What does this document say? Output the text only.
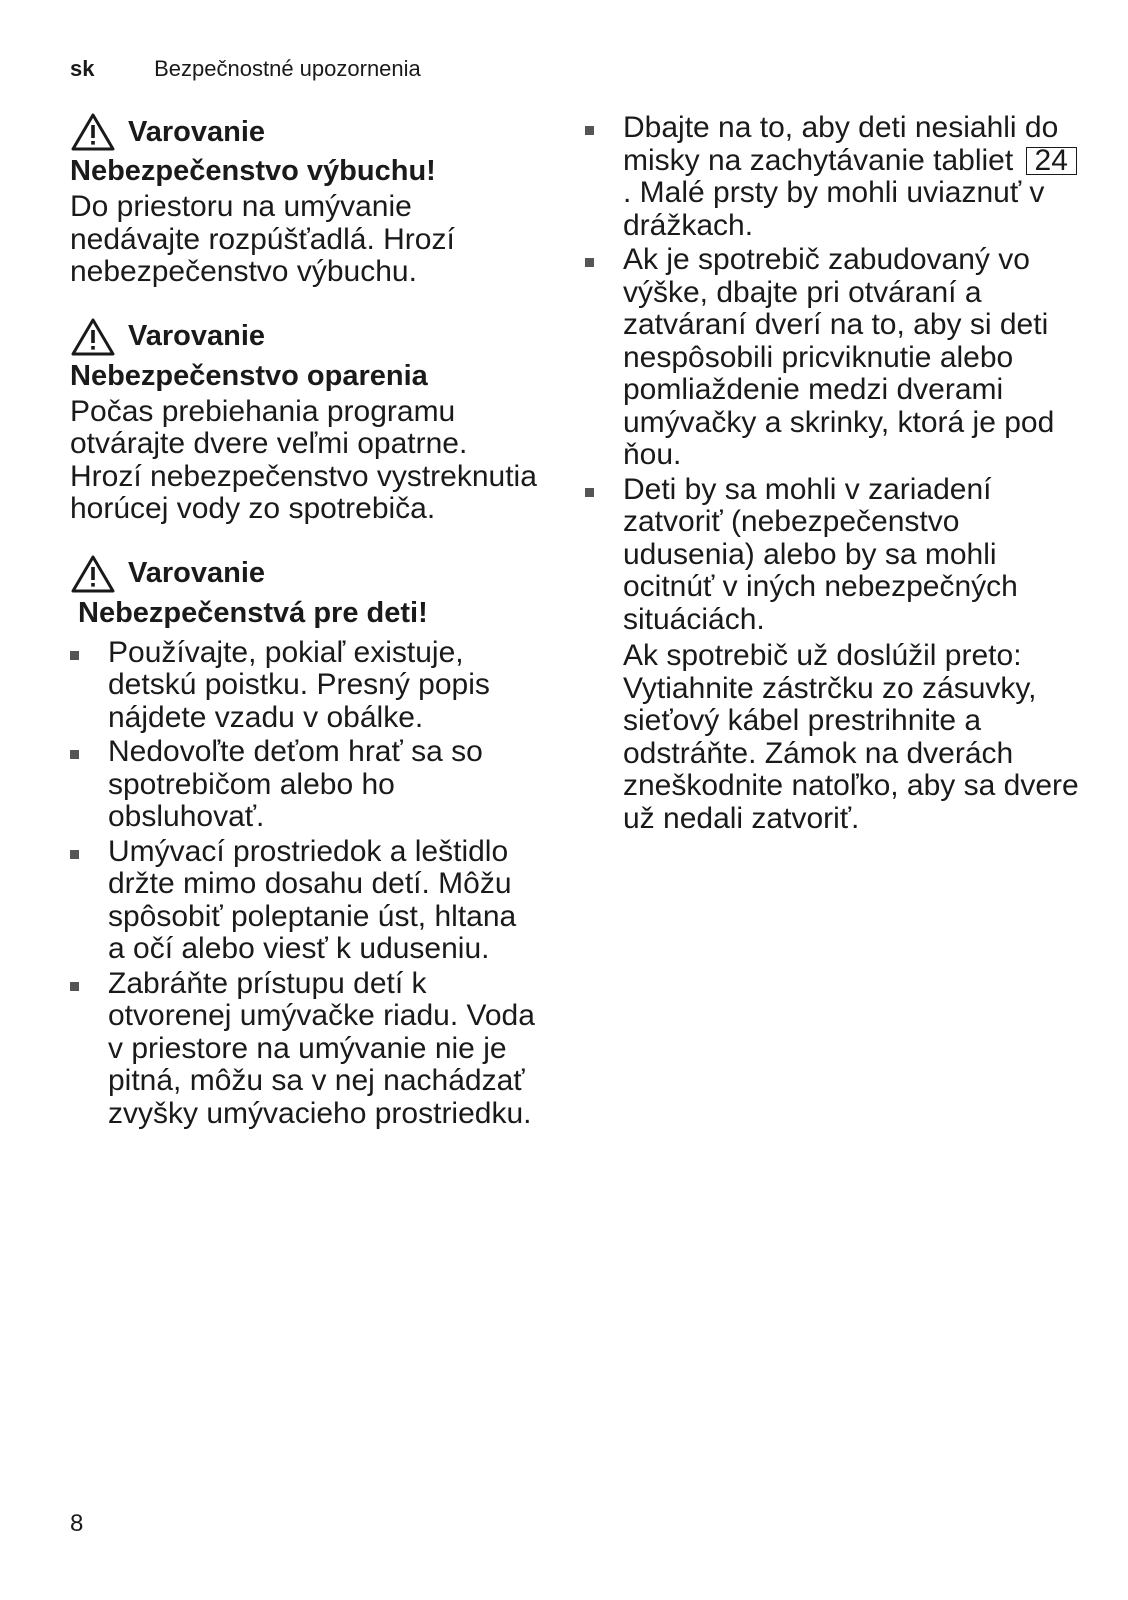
sk	Bezpečnostné upozornenia
Varovanie
Nebezpečenstvo výbuchu!
Do priestoru na umývanie nedávajte rozpúšťadlá. Hrozí nebezpečenstvo výbuchu.
Varovanie
Nebezpečenstvo oparenia
Počas prebiehania programu otvárajte dvere veľmi opatrne. Hrozí nebezpečenstvo vystreknutia horúcej vody zo spotrebiča.
Varovanie
Nebezpečenstvá pre deti!
Používajte, pokiaľ existuje, detskú poistku. Presný popis nájdete vzadu v obálke.
Nedovoľte deťom hrať sa so spotrebičom alebo ho obsluhovať.
Umývací prostriedok a leštidlo držte mimo dosahu detí. Môžu spôsobiť poleptanie úst, hltana a očí alebo viesť k uduseniu.
Zabráňte prístupu detí k otvorenej umývačke riadu. Voda v priestore na umývanie nie je pitná, môžu sa v nej nachádzať zvyšky umývacieho prostriedku.
Dbajte na to, aby deti nesiahli do misky na zachytávanie tabliet 24. Malé prsty by mohli uviaznuť v drážkach.
Ak je spotrebič zabudovaný vo výške, dbajte pri otváraní a zatváraní dverí na to, aby si deti nespôsobili pricviknutie alebo pomliaždenie medzi dverami umývačky a skrinky, ktorá je pod ňou.
Deti by sa mohli v zariadení zatvoriť (nebezpečenstvo udusenia) alebo by sa mohli ocitnúť v iných nebezpečných situáciách.
Ak spotrebič už doslúžil preto: Vytiahnite zástrčku zo zásuvky, sieťový kábel prestrihnite a odstráňte. Zámok na dverách zneškodnite natoľko, aby sa dvere už nedali zatvoriť.
8
